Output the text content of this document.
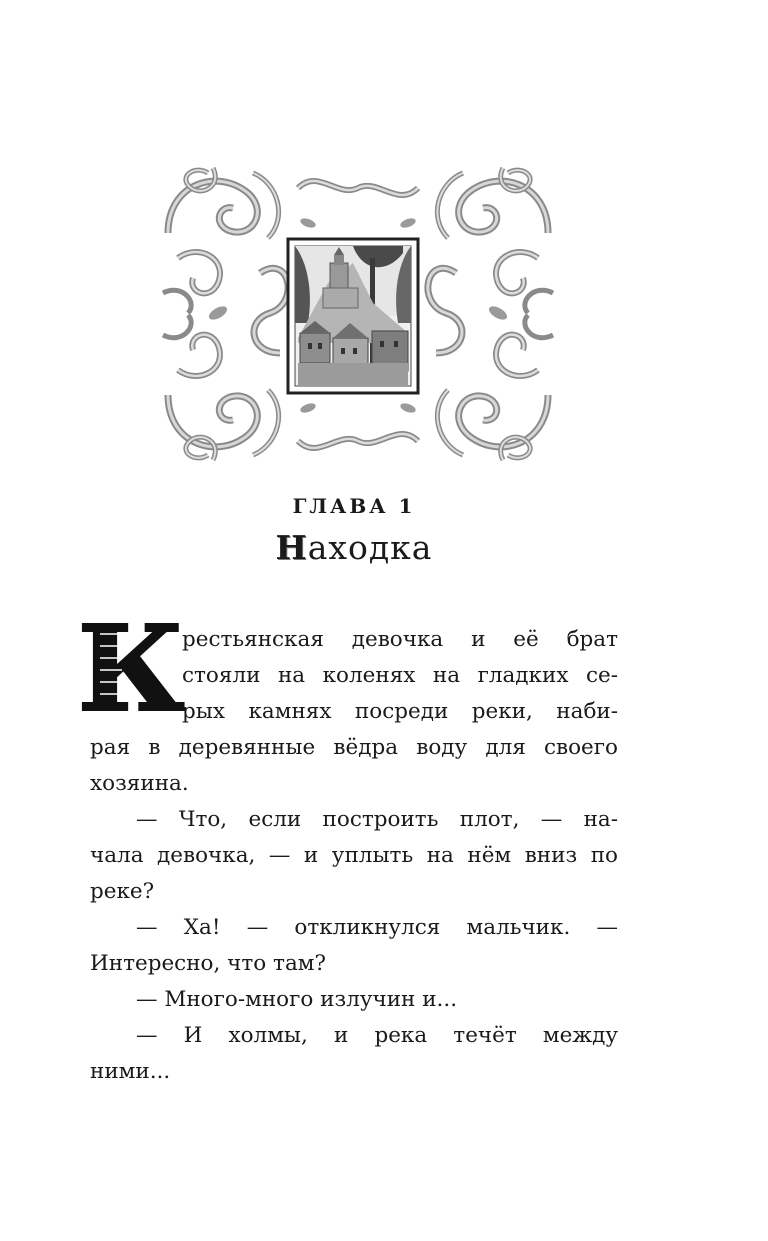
ГЛАВА 1
Находка
К
рестьянская девочка и её брат
стояли на коленях на гладких се-
рых камнях посреди реки, наби-
рая в деревянные вёдра воду для своего
хозяина.
— Что, если построить плот, — на-
чала девочка, — и уплыть на нём вниз по
реке?
— Ха! — откликнулся мальчик. —
Интересно, что там?
— Много-много излучин и...
— И холмы, и река течёт между
ними...
